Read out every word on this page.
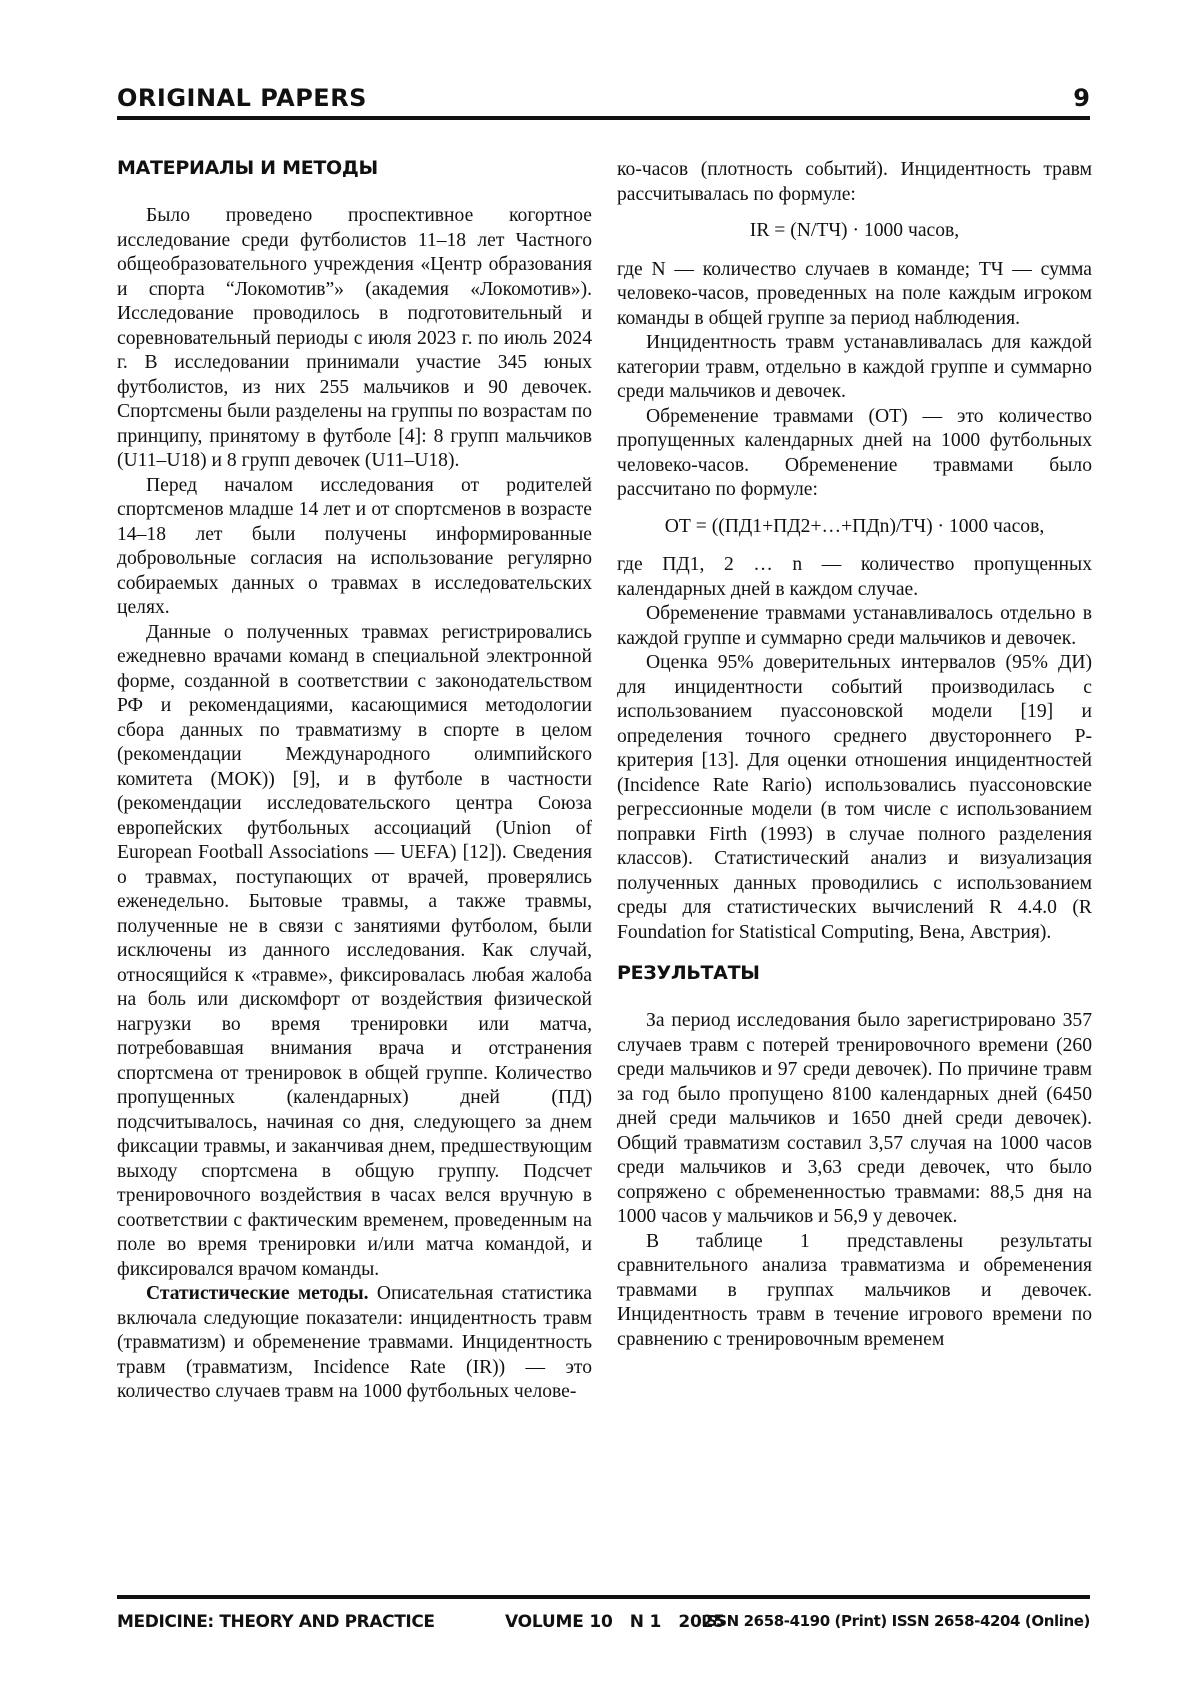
ORIGINAL PAPERS	9
МАТЕРИАЛЫ И МЕТОДЫ

Было проведено проспективное когортное исследование среди футболистов 11–18 лет Частного общеобразовательного учреждения «Центр образования и спорта “Локомотив”» (академия «Локомотив»). Исследование проводилось в подготовительный и соревновательный периоды с июля 2023 г. по июль 2024 г. В исследовании принимали участие 345 юных футболистов, из них 255 мальчиков и 90 девочек. Спортсмены были разделены на группы по возрастам по принципу, принятому в футболе [4]: 8 групп мальчиков (U11–U18) и 8 групп девочек (U11–U18).

Перед началом исследования от родителей спортсменов младше 14 лет и от спортсменов в возрасте 14–18 лет были получены информированные добровольные согласия на использование регулярно собираемых данных о травмах в исследовательских целях.

Данные о полученных травмах регистрировались ежедневно врачами команд в специальной электронной форме, созданной в соответствии с законодательством РФ и рекомендациями, касающимися методологии сбора данных по травматизму в спорте в целом (рекомендации Международного олимпийского комитета (МОК)) [9], и в футболе в частности (рекомендации исследовательского центра Союза европейских футбольных ассоциаций (Union of European Football Associations — UEFA) [12]). Сведения о травмах, поступающих от врачей, проверялись еженедельно. Бытовые травмы, а также травмы, полученные не в связи с занятиями футболом, были исключены из данного исследования. Как случай, относящийся к «травме», фиксировалась любая жалоба на боль или дискомфорт от воздействия физической нагрузки во время тренировки или матча, потребовавшая внимания врача и отстранения спортсмена от тренировок в общей группе. Количество пропущенных (календарных) дней (ПД) подсчитывалось, начиная со дня, следующего за днем фиксации травмы, и заканчивая днем, предшествующим выходу спортсмена в общую группу. Подсчет тренировочного воздействия в часах велся вручную в соответствии с фактическим временем, проведенным на поле во время тренировки и/или матча командой, и фиксировался врачом команды.

Статистические методы. Описательная статистика включала следующие показатели: инцидентность травм (травматизм) и обременение травмами. Инцидентность травм (травматизм, Incidence Rate (IR)) — это количество случаев травм на 1000 футбольных челове-

ко-часов (плотность событий). Инцидентность травм рассчитывалась по формуле:

IR = (N/ТЧ) · 1000 часов,

где N — количество случаев в команде; ТЧ — сумма человеко-часов, проведенных на поле каждым игроком команды в общей группе за период наблюдения.

Инцидентность травм устанавливалась для каждой категории травм, отдельно в каждой группе и суммарно среди мальчиков и девочек.

Обременение травмами (ОТ) — это количество пропущенных календарных дней на 1000 футбольных человеко-часов. Обременение травмами было рассчитано по формуле:

ОТ = ((ПД1+ПД2+…+ПДn)/ТЧ) · 1000 часов,

где ПД1, 2 … n — количество пропущенных календарных дней в каждом случае.

Обременение травмами устанавливалось отдельно в каждой группе и суммарно среди мальчиков и девочек.

Оценка 95% доверительных интервалов (95% ДИ) для инцидентности событий производилась с использованием пуассоновской модели [19] и определения точного среднего двустороннего P-критерия [13]. Для оценки отношения инцидентностей (Incidence Rate Rario) использовались пуассоновские регрессионные модели (в том числе с использованием поправки Firth (1993) в случае полного разделения классов). Статистический анализ и визуализация полученных данных проводились с использованием среды для статистических вычислений R 4.4.0 (R Foundation for Statistical Computing, Вена, Австрия).

РЕЗУЛЬТАТЫ

За период исследования было зарегистрировано 357 случаев травм с потерей тренировочного времени (260 среди мальчиков и 97 среди девочек). По причине травм за год было пропущено 8100 календарных дней (6450 дней среди мальчиков и 1650 дней среди девочек). Общий травматизм составил 3,57 случая на 1000 часов среди мальчиков и 3,63 среди девочек, что было сопряжено с обремененностью травмами: 88,5 дня на 1000 часов у мальчиков и 56,9 у девочек.

В таблице 1 представлены результаты сравнительного анализа травматизма и обременения травмами в группах мальчиков и девочек. Инцидентность травм в течение игрового времени по сравнению с тренировочным временем

MEDICINE: THEORY AND PRACTICE	VOLUME 10   N 1   2025
ISSN 2658-4190 (Print) ISSN 2658-4204 (Online)
